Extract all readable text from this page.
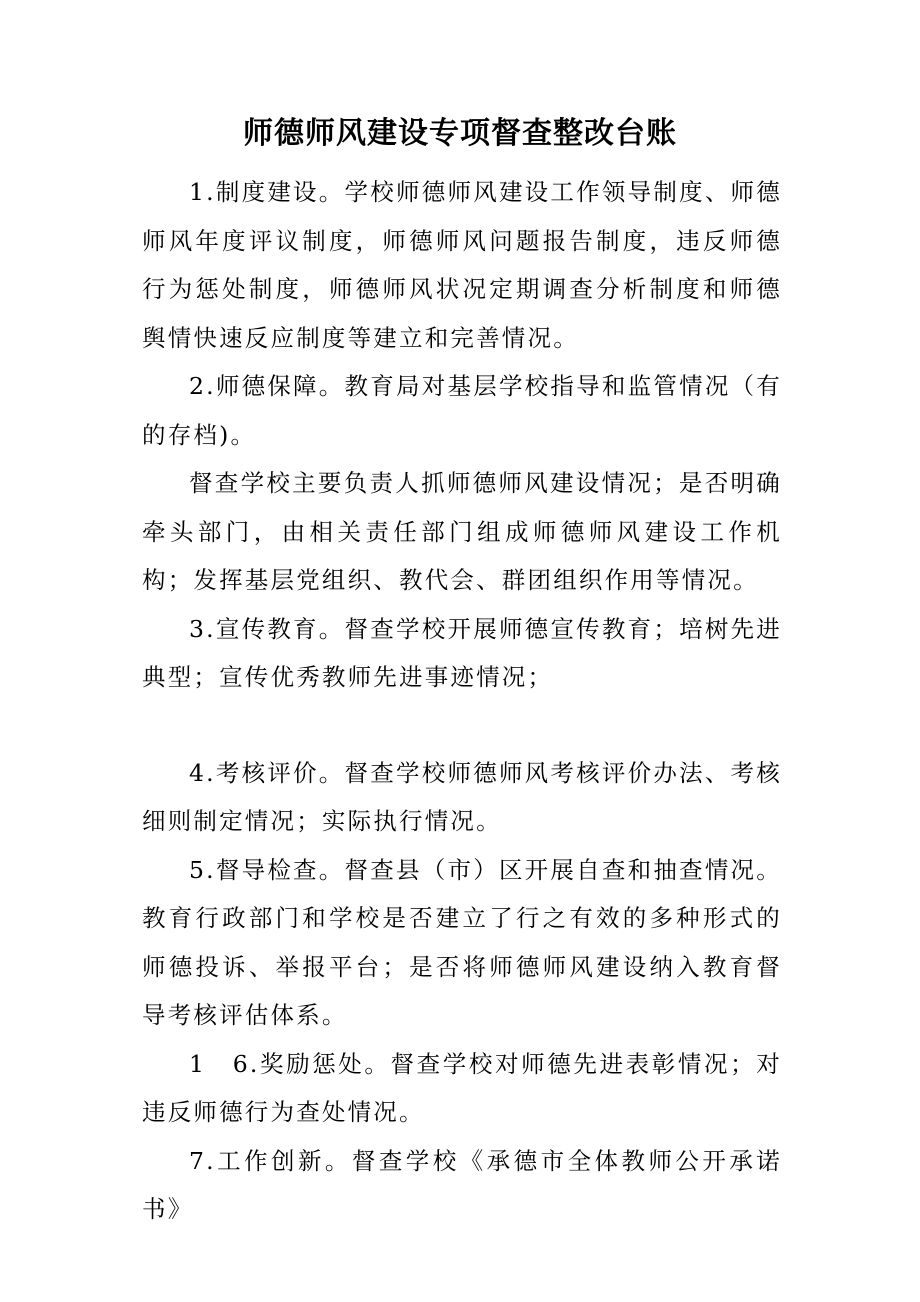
师德师风建设专项督查整改台账

1.制度建设。学校师德师风建设工作领导制度、师德师风年度评议制度，师德师风问题报告制度，违反师德行为惩处制度，师德师风状况定期调查分析制度和师德舆情快速反应制度等建立和完善情况。

2.师德保障。教育局对基层学校指导和监管情况（有的存档)。

督查学校主要负责人抓师德师风建设情况；是否明确牵头部门，由相关责任部门组成师德师风建设工作机构；发挥基层党组织、教代会、群团组织作用等情况。

3.宣传教育。督查学校开展师德宣传教育；培树先进典型；宣传优秀教师先进事迹情况；

4.考核评价。督查学校师德师风考核评价办法、考核细则制定情况；实际执行情况。

5.督导检查。督查县（市）区开展自查和抽查情况。教育行政部门和学校是否建立了行之有效的多种形式的师德投诉、举报平台；是否将师德师风建设纳入教育督导考核评估体系。

1　6.奖励惩处。督查学校对师德先进表彰情况；对违反师德行为查处情况。

7.工作创新。督查学校《承德市全体教师公开承诺书》
